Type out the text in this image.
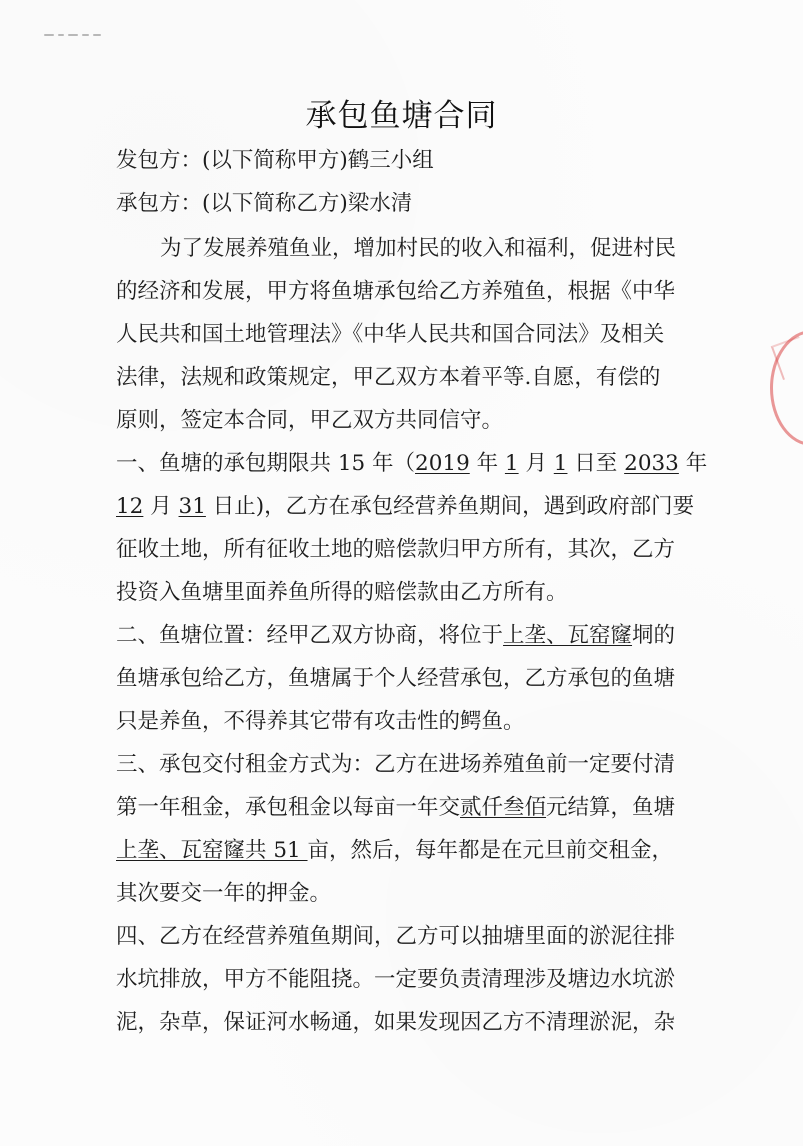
承包鱼塘合同
发包方：(以下简称甲方)鹤三小组
承包方：(以下简称乙方)梁水清
为了发展养殖鱼业，增加村民的收入和福利，促进村民
的经济和发展，甲方将鱼塘承包给乙方养殖鱼，根据《中华
人民共和国土地管理法》《中华人民共和国合同法》及相关
法律，法规和政策规定，甲乙双方本着平等.自愿，有偿的
原则，签定本合同，甲乙双方共同信守。
一、鱼塘的承包期限共 15 年（2019 年 1 月 1 日至 2033 年
12 月 31 日止)，乙方在承包经营养鱼期间，遇到政府部门要
征收土地，所有征收土地的赔偿款归甲方所有，其次，乙方
投资入鱼塘里面养鱼所得的赔偿款由乙方所有。
二、鱼塘位置：经甲乙双方协商，将位于上垄、瓦窑窿垌的
鱼塘承包给乙方，鱼塘属于个人经营承包，乙方承包的鱼塘
只是养鱼，不得养其它带有攻击性的鳄鱼。
三、承包交付租金方式为：乙方在进场养殖鱼前一定要付清
第一年租金，承包租金以每亩一年交贰仟叁佰元结算，鱼塘
上垄、瓦窑窿共 51 亩，然后，每年都是在元旦前交租金，
其次要交一年的押金。
四、乙方在经营养殖鱼期间，乙方可以抽塘里面的淤泥往排
水坑排放，甲方不能阻挠。一定要负责清理涉及塘边水坑淤
泥，杂草，保证河水畅通，如果发现因乙方不清理淤泥，杂
